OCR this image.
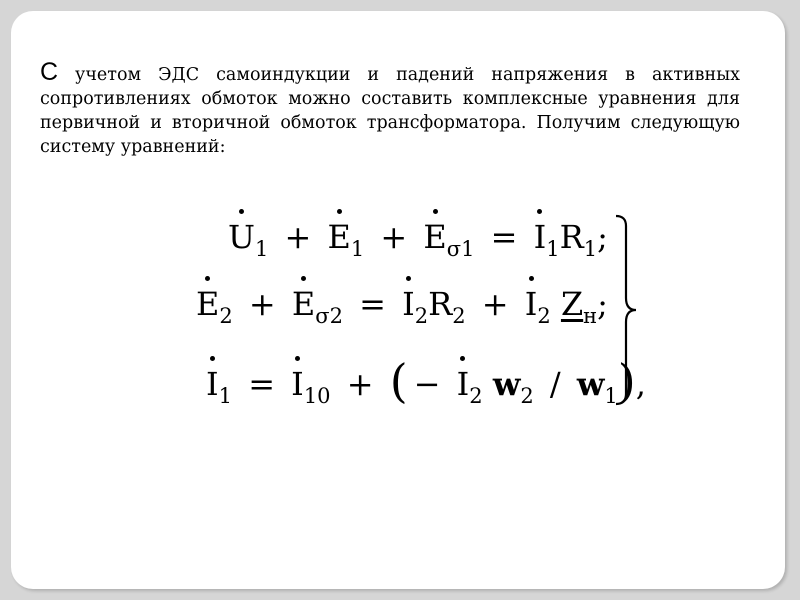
С учетом ЭДС самоиндукции и падений напряжения в активных сопротивлениях обмоток можно составить комплексные уравнения для первичной и вторичной обмоток трансформатора. Получим следующую систему уравнений:

$U_1 + E_1 + E_{\sigma 1} = I_1R_1$;
$E_2 + E_{\sigma 2} = I_2R_2 + I_2$ $Z_н$;
$I_1 = I_{10}$ + ( − $I_2$ $w_2 / w_1$),
